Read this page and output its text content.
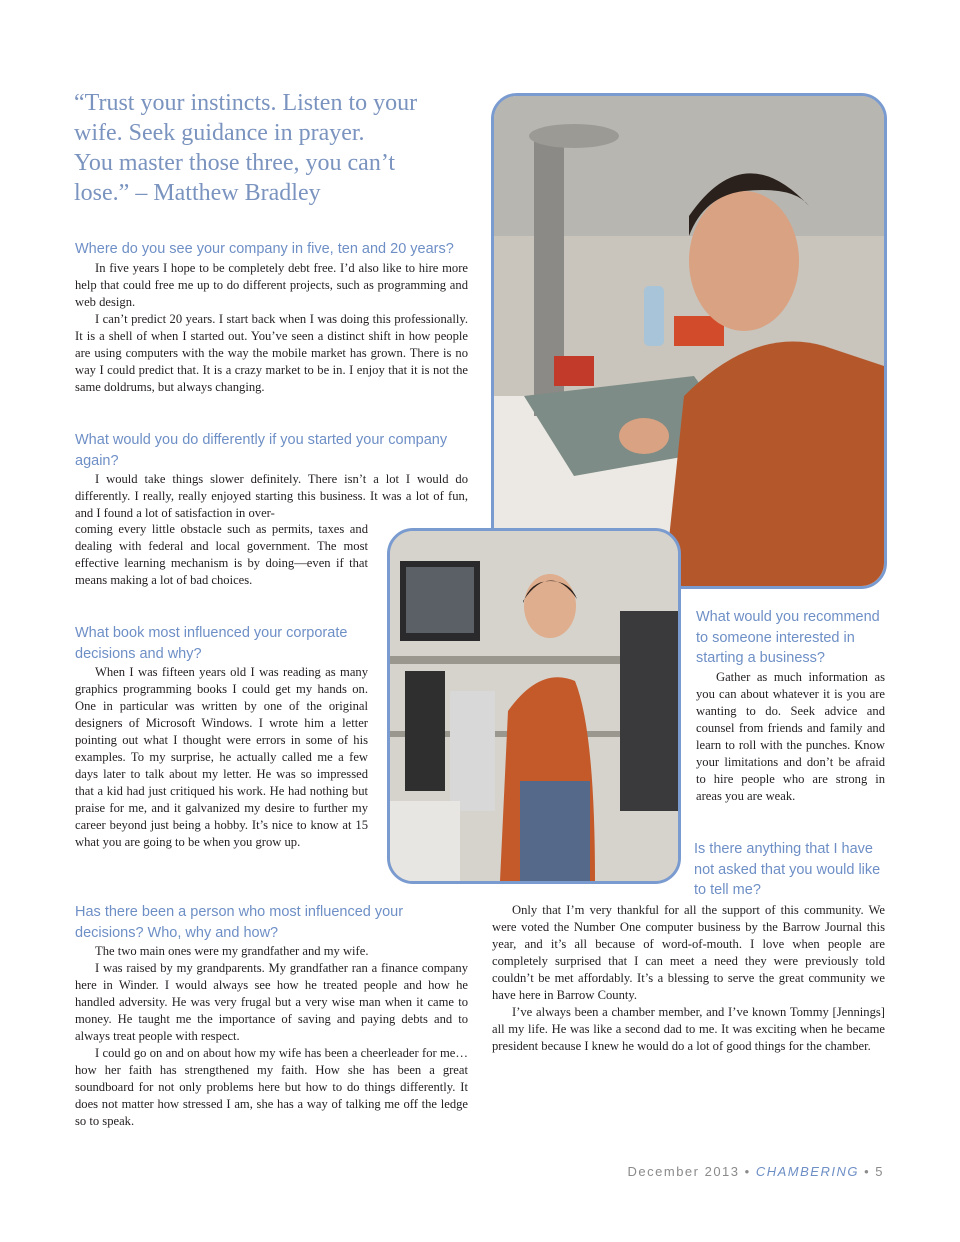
“Trust your instincts. Listen to your

wife. Seek guidance in prayer.

You master those three, you can’t

lose.” – Matthew Bradley

Where do you see your company in five, ten and 20 years?

In five years I hope to be completely debt free. I’d also like to hire more help that could free me up to do different projects, such as programming and web design.

I can’t predict 20 years. I start back when I was doing this professionally. It is a shell of when I started out. You’ve seen a distinct shift in how people are using computers with the way the mobile market has grown. There is no way I could predict that. It is a crazy market to be in. I enjoy that it is not the same doldrums, but always changing.

What would you do differently if you started your company again?

I would take things slower definitely. There isn’t a lot I would do differently. I really, really enjoyed starting this business. It was a lot of fun, and I found a lot of satisfaction in over-

coming every little obstacle such as permits, taxes and dealing with federal and local government. The most effective learning mechanism is by doing—even if that means making a lot of bad choices.

What book most influenced your corporate decisions and why?

When I was fifteen years old I was reading as many graphics programming books I could get my hands on. One in particular was written by one of the original designers of Microsoft Windows. I wrote him a letter pointing out what I thought were errors in some of his examples. To my surprise, he actually called me a few days later to talk about my letter. He was so impressed that a kid had just critiqued his work. He had nothing but praise for me, and it galvanized my desire to further my career beyond just being a hobby. It’s nice to know at 15 what you are going to be when you grow up.

What would you recommend to someone interested in starting a business?

Gather as much information as you can about whatever it is you are wanting to do. Seek advice and counsel from friends and family and learn to roll with the punches. Know your limitations and don’t be afraid to hire people who are strong in areas you are weak.

Is there anything that I have not asked that you would like to tell me?

Only that I’m very thankful for all the support of this community. We were voted the Number One computer business by the Barrow Journal this year, and it’s all because of word-of-mouth. I love when people are completely surprised that I can meet a need they were previously told couldn’t be met affordably. It’s a blessing to serve the great community we have here in Barrow County.

I’ve always been a chamber member, and I’ve known Tommy [Jennings] all my life. He was like a second dad to me. It was exciting when he became president because I knew he would do a lot of good things for the chamber.

Has there been a person who most influenced your decisions? Who, why and how?

The two main ones were my grandfather and my wife.

I was raised by my grandparents. My grandfather ran a finance company here in Winder. I would always see how he treated people and how he handled adversity. He was very frugal but a very wise man when it came to money. He taught me the importance of saving and paying debts and to always treat people with respect.

I could go on and on about how my wife has been a cheerleader for me…how her faith has strengthened my faith. How she has been a great soundboard for not only problems here but how to do things differently. It does not matter how stressed I am, she has a way of talking me off the ledge so to speak.

December 2013 • CHAMBERING • 5
